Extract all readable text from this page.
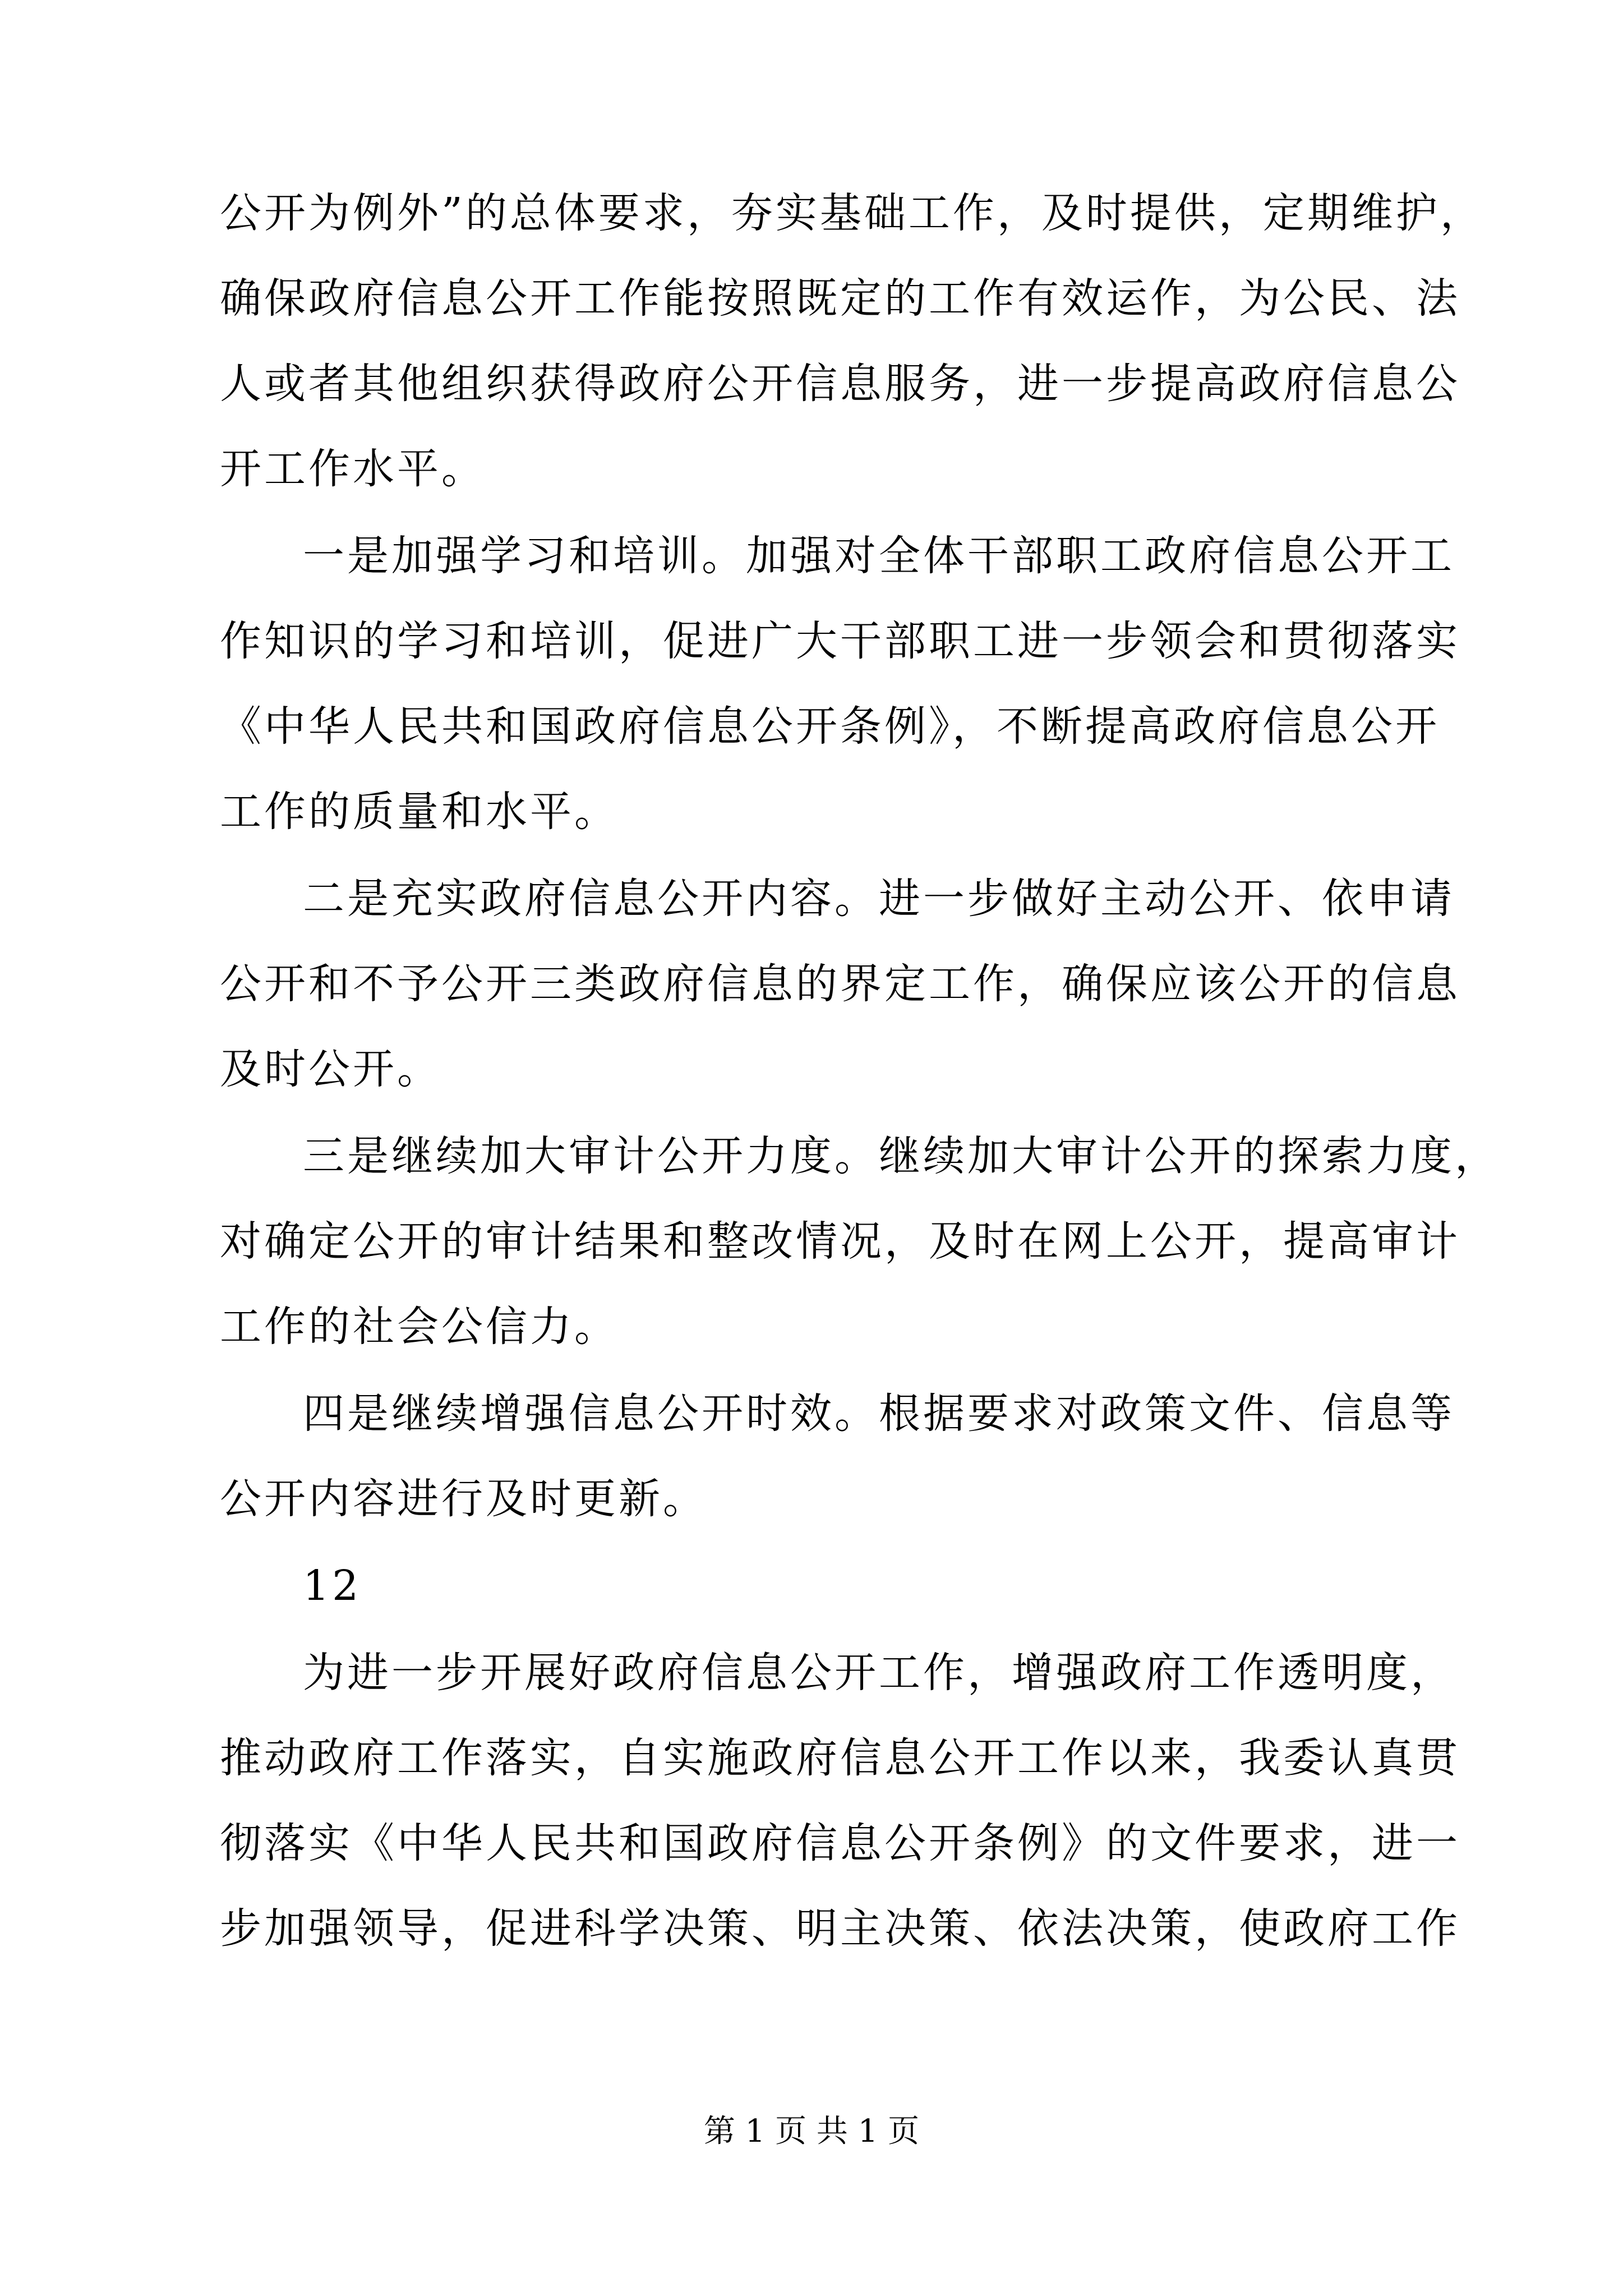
公开为例外”的总体要求，夯实基础工作，及时提供，定期维护，
确保政府信息公开工作能按照既定的工作有效运作，为公民、法
人或者其他组织获得政府公开信息服务，进一步提高政府信息公
开工作水平。
一是加强学习和培训。加强对全体干部职工政府信息公开工
作知识的学习和培训，促进广大干部职工进一步领会和贯彻落实
《中华人民共和国政府信息公开条例》，不断提高政府信息公开
工作的质量和水平。
二是充实政府信息公开内容。进一步做好主动公开、依申请
公开和不予公开三类政府信息的界定工作，确保应该公开的信息
及时公开。
三是继续加大审计公开力度。继续加大审计公开的探索力度，
对确定公开的审计结果和整改情况，及时在网上公开，提高审计
工作的社会公信力。
四是继续增强信息公开时效。根据要求对政策文件、信息等
公开内容进行及时更新。
12
为进一步开展好政府信息公开工作，增强政府工作透明度，
推动政府工作落实，自实施政府信息公开工作以来，我委认真贯
彻落实《中华人民共和国政府信息公开条例》的文件要求，进一
步加强领导，促进科学决策、明主决策、依法决策，使政府工作
第 1 页 共 1 页
